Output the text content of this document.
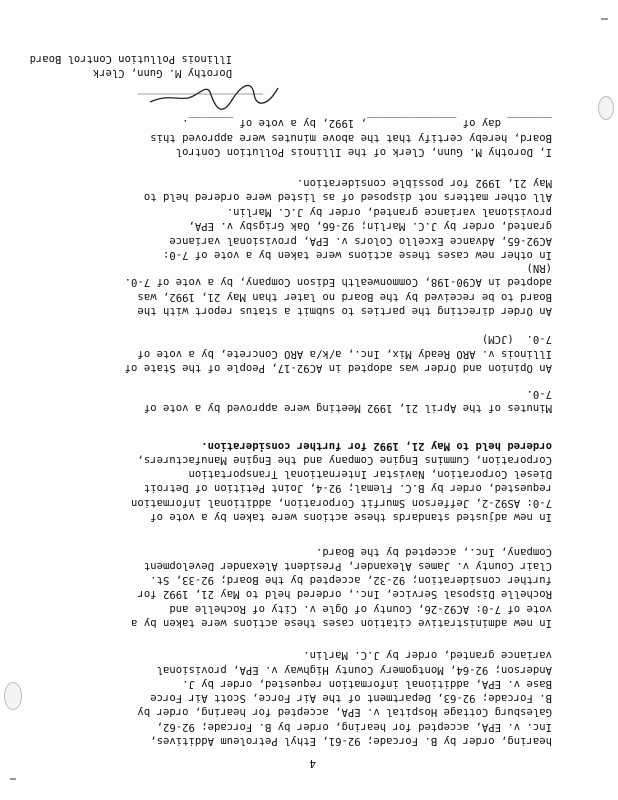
4
hearing, order by B. Forcade; 92-61, Ethyl Petroleum Additives,
Inc. v. EPA, accepted for hearing, order by B. Forcade; 92-62,
Galesburg Cottage Hospital v. EPA, accepted for hearing, order by
B. Forcade; 92-63, Department of the Air Force, Scott Air Force
Base v. EPA, additional information requested, order by J.
Anderson; 92-64, Montgomery County Highway v. EPA, provisional
variance granted, order by J.C. Marlin.
In new administrative citation cases these actions were taken by a
vote of 7-0: AC92-26, County of Ogle v. City of Rochelle and
Rochelle Disposal Service, Inc., ordered held to May 21, 1992 for
further consideration; 92-32, accepted by the Board; 92-33, St.
Clair County v. James Alexander, President Alexander Development
Company, Inc., accepted by the Board.
In new adjusted standards these actions were taken by a vote of
7-0: AS92-2, Jefferson Smurfit Corporation, additional information
requested, order by B.C. Flemal; 92-4, Joint Petition of Detroit
Diesel Corporation, Navistar International Transportation
Corporation, Cummins Engine Company and the Engine Manufacturers,
ordered held to May 21, 1992 for further consideration.
Minutes of the April 21, 1992 Meeting were approved by a vote of
7-0.
An Opinion and Order was adopted in AC92-17, People of the State of
Illinois v. ARO Ready Mix, Inc., a/k/a ARO Concrete, by a vote of
7-0.  (JCM)
An Order directing the parties to submit a status report with the
Board to be received by the Board no later than May 21, 1992, was
adopted in AC90-198, Commonwealth Edison Company, by a vote of 7-0.
(RN)
In other new cases these actions were taken by a vote of 7-0:
AC92-65, Advance Excello Colors v. EPA, provisional variance
granted, order by J.C. Marlin; 92-66, Oak Grigsby v. EPA,
provisional variance granted, order by J.C. Marlin.
All other matters not disposed of as listed were ordered held to
May 21, 1992 for possible consideration.
I, Dorothy M. Gunn, Clerk of the Illinois Pollution Control
Board, hereby certify that the above minutes were approved this
_______ day of ______________, 1992, by a vote of _______.
Dorothy M. Gunn, Clerk
Illinois Pollution Control Board
